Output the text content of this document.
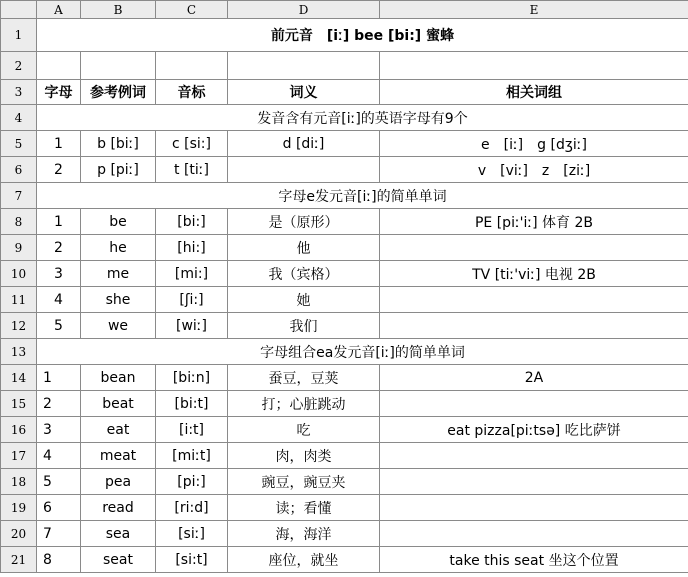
	A	B	C	D	E
1	前元音　[iː] bee [bi:] 蜜蜂				
2					
3	字母	参考例词	音标	词义	相关词组
4	发音含有元音[iː]的英语字母有9个				
5	1	b [biː]	c [si:]	d [diː]	e　[iː]　g [dʒiː]
6	2	p [piː]	t [tiː]		v　[viː]　z　[ziː]
7	字母e发元音[iː]的简单单词				
8	1	be	[bi:]	是（原形）	PE [piː'iː] 体育 2B
9	2	he	[hi:]	他	
10	3	me	[mi:]	我（宾格）	TV [tiː'viː] 电视 2B
11	4	she	[ʃi:]	她	
12	5	we	[wiː]	我们	
13	字母组合ea发元音[iː]的简单单词				
14	1	bean	[biːn]	蚕豆，豆荚	2A
15	2	beat	[bi:t]	打；心脏跳动	
16	3	eat	[i:t]	吃	eat pizza[piːtsə] 吃比萨饼
17	4	meat	[miːt]	肉，肉类	
18	5	pea	[pi:]	豌豆，豌豆夹	
19	6	read	[ri:d]	读；看懂	
20	7	sea	[siː]	海，海洋	
21	8	seat	[si:t]	座位，就坐	take this seat 坐这个位置
